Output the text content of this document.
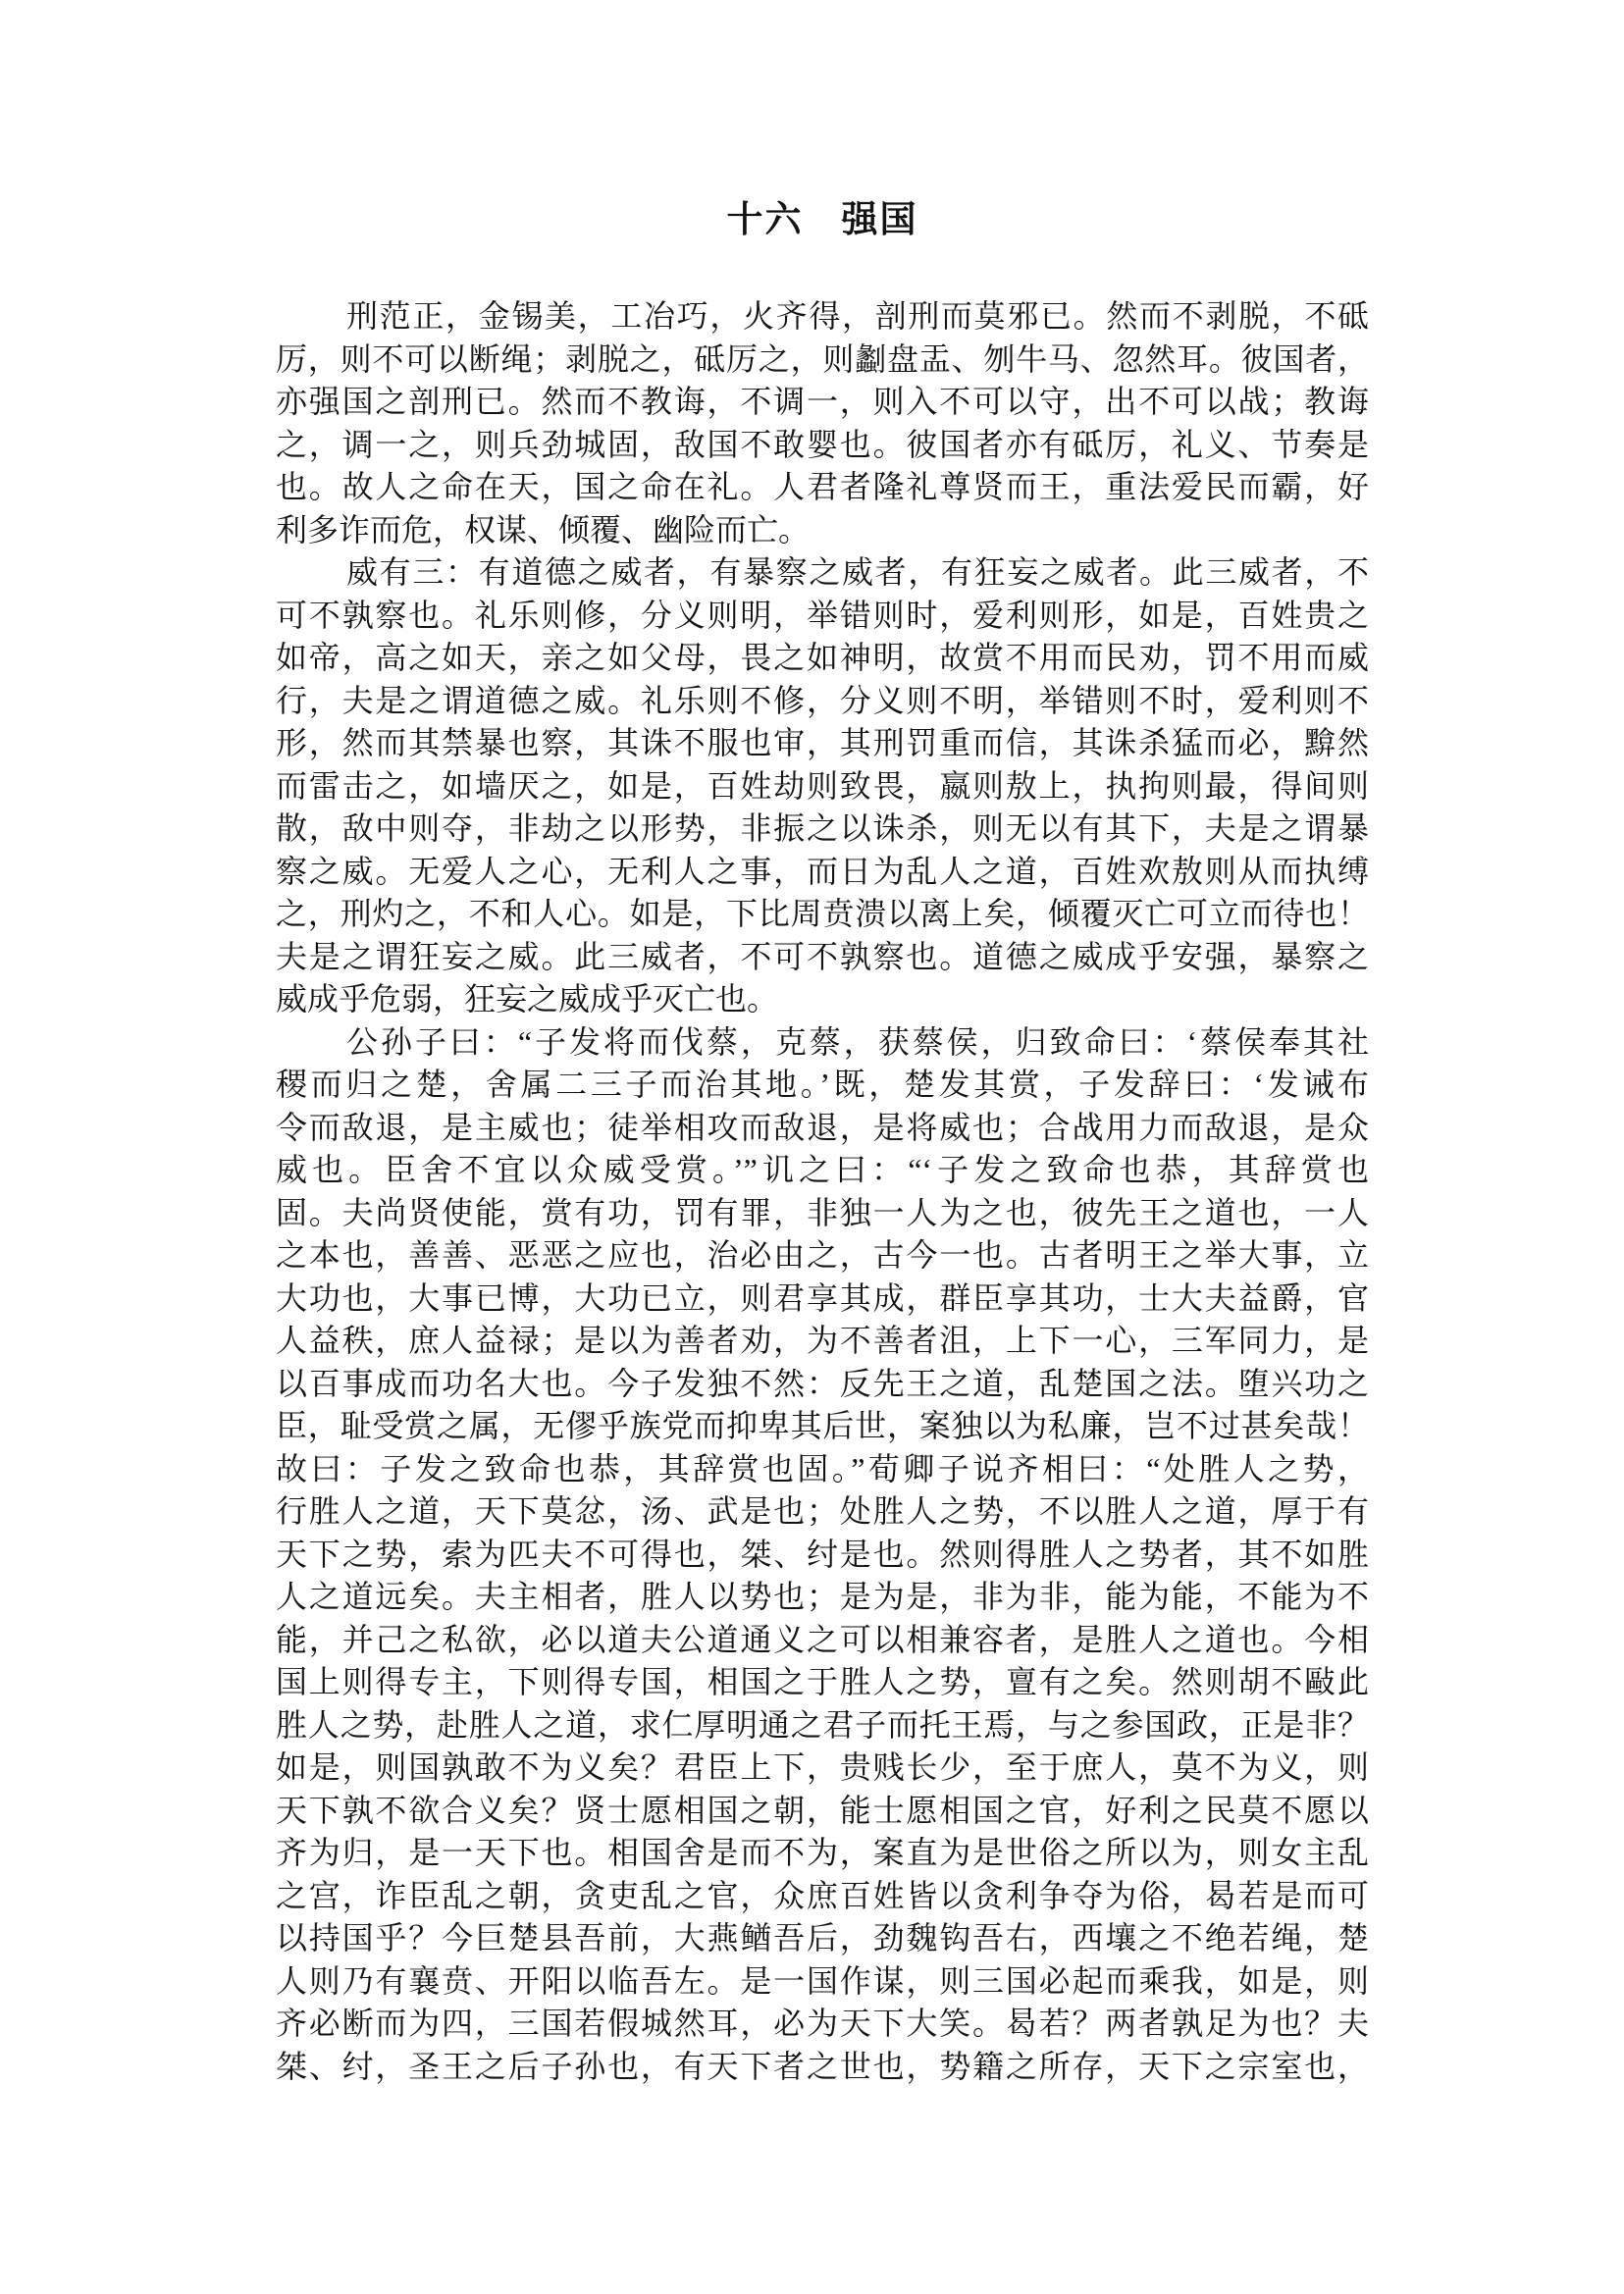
十六　强国
刑范正，金锡美，工冶巧，火齐得，剖刑而莫邪已。然而不剥脱，不砥
厉，则不可以断绳；剥脱之，砥厉之，则劙盘盂、刎牛马、忽然耳。彼国者，
亦强国之剖刑已。然而不教诲，不调一，则入不可以守，出不可以战；教诲
之，调一之，则兵劲城固，敌国不敢婴也。彼国者亦有砥厉，礼义、节奏是
也。故人之命在天，国之命在礼。人君者隆礼尊贤而王，重法爱民而霸，好
利多诈而危，权谋、倾覆、幽险而亡。
威有三：有道德之威者，有暴察之威者，有狂妄之威者。此三威者，不
可不孰察也。礼乐则修，分义则明，举错则时，爱利则形，如是，百姓贵之
如帝，高之如天，亲之如父母，畏之如神明，故赏不用而民劝，罚不用而威
行，夫是之谓道德之威。礼乐则不修，分义则不明，举错则不时，爱利则不
形，然而其禁暴也察，其诛不服也审，其刑罚重而信，其诛杀猛而必，黭然
而雷击之，如墙厌之，如是，百姓劫则致畏，嬴则敖上，执拘则最，得间则
散，敌中则夺，非劫之以形势，非振之以诛杀，则无以有其下，夫是之谓暴
察之威。无爱人之心，无利人之事，而日为乱人之道，百姓欢敖则从而执缚
之，刑灼之，不和人心。如是，下比周贲溃以离上矣，倾覆灭亡可立而待也！
夫是之谓狂妄之威。此三威者，不可不孰察也。道德之威成乎安强，暴察之
威成乎危弱，狂妄之威成乎灭亡也。
公孙子曰：“子发将而伐蔡，克蔡，获蔡侯，归致命曰：‘蔡侯奉其社
稷而归之楚，舍属二三子而治其地。’既，楚发其赏，子发辞曰：‘发诫布
令而敌退，是主威也；徒举相攻而敌退，是将威也；合战用力而敌退，是众
威也。臣舍不宜以众威受赏。’”讥之曰：“‘子发之致命也恭，其辞赏也
固。夫尚贤使能，赏有功，罚有罪，非独一人为之也，彼先王之道也，一人
之本也，善善、恶恶之应也，治必由之，古今一也。古者明王之举大事，立
大功也，大事已博，大功已立，则君享其成，群臣享其功，士大夫益爵，官
人益秩，庶人益禄；是以为善者劝，为不善者沮，上下一心，三军同力，是
以百事成而功名大也。今子发独不然：反先王之道，乱楚国之法。堕兴功之
臣，耻受赏之属，无僇乎族党而抑卑其后世，案独以为私廉，岂不过甚矣哉！
故曰：子发之致命也恭，其辞赏也固。”荀卿子说齐相曰：“处胜人之势，
行胜人之道，天下莫忿，汤、武是也；处胜人之势，不以胜人之道，厚于有
天下之势，索为匹夫不可得也，桀、纣是也。然则得胜人之势者，其不如胜
人之道远矣。夫主相者，胜人以势也；是为是，非为非，能为能，不能为不
能，并己之私欲，必以道夫公道通义之可以相兼容者，是胜人之道也。今相
国上则得专主，下则得专国，相国之于胜人之势，亶有之矣。然则胡不敺此
胜人之势，赴胜人之道，求仁厚明通之君子而托王焉，与之参国政，正是非？
如是，则国孰敢不为义矣？君臣上下，贵贱长少，至于庶人，莫不为义，则
天下孰不欲合义矣？贤士愿相国之朝，能士愿相国之官，好利之民莫不愿以
齐为归，是一天下也。相国舍是而不为，案直为是世俗之所以为，则女主乱
之宫，诈臣乱之朝，贪吏乱之官，众庶百姓皆以贪利争夺为俗，曷若是而可
以持国乎？今巨楚县吾前，大燕䲡吾后，劲魏钩吾右，西壤之不绝若绳，楚
人则乃有襄贲、开阳以临吾左。是一国作谋，则三国必起而乘我，如是，则
齐必断而为四，三国若假城然耳，必为天下大笑。曷若？两者孰足为也？夫
桀、纣，圣王之后子孙也，有天下者之世也，势籍之所存，天下之宗室也，
